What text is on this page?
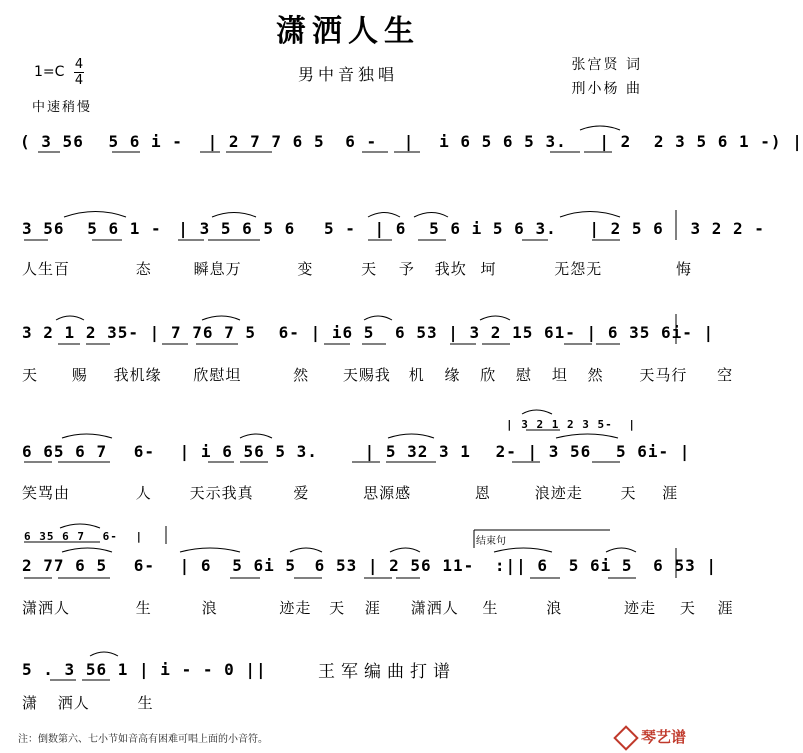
潇洒人生
男中音独唱
1=C 4
4
中速稍慢
张宫贤 词
刑小杨 曲
( 3 56 5 6 i - | 2 7 7 6 5 6 - | i 6 5 6 5 3. | 2 2 3 5 6 1 -) |
3 56 5 6 1 - | 3 5 6 5 6 5 - | 6 5 6 i 5 6 3. | 2 5 6 3 2 2 -
人生百	态	瞬息万	变	天 予 我坎 坷	无怨无	悔
3 2 1 2 35- | 7 76 7 5 6- | i6 5 6 53 | 3 2 15 61- | 6 35 6i- |
天 赐 我机缘 欣慰坦	然 天赐我 机 缘 欣 慰 坦 然 天马行 空
| 3 2 1 2 3 5- |
6 65 6 7 6- | i 6 56 5 3.	| 5 32 3 1 2- | 3 56 5 6i- |
笑骂由	人	天示我真	爱	思源感	恩	浪迹走	天 涯
6 35 6 7 6- |	结束句
2 77 6 5 6- | 6 5 6i 5 6 53 | 2 56 11- :|| 6 5 6i 5 6 53 |
潇洒人	生	浪	迹走 天 涯 潇洒人 生	浪	迹走 天 涯
5 . 3 56 1 | i - - 0 ||
潇 洒人	生
王军编曲打谱
注：倒数第六、七小节如音高有困难可唱上面的小音符。	琴艺谱
